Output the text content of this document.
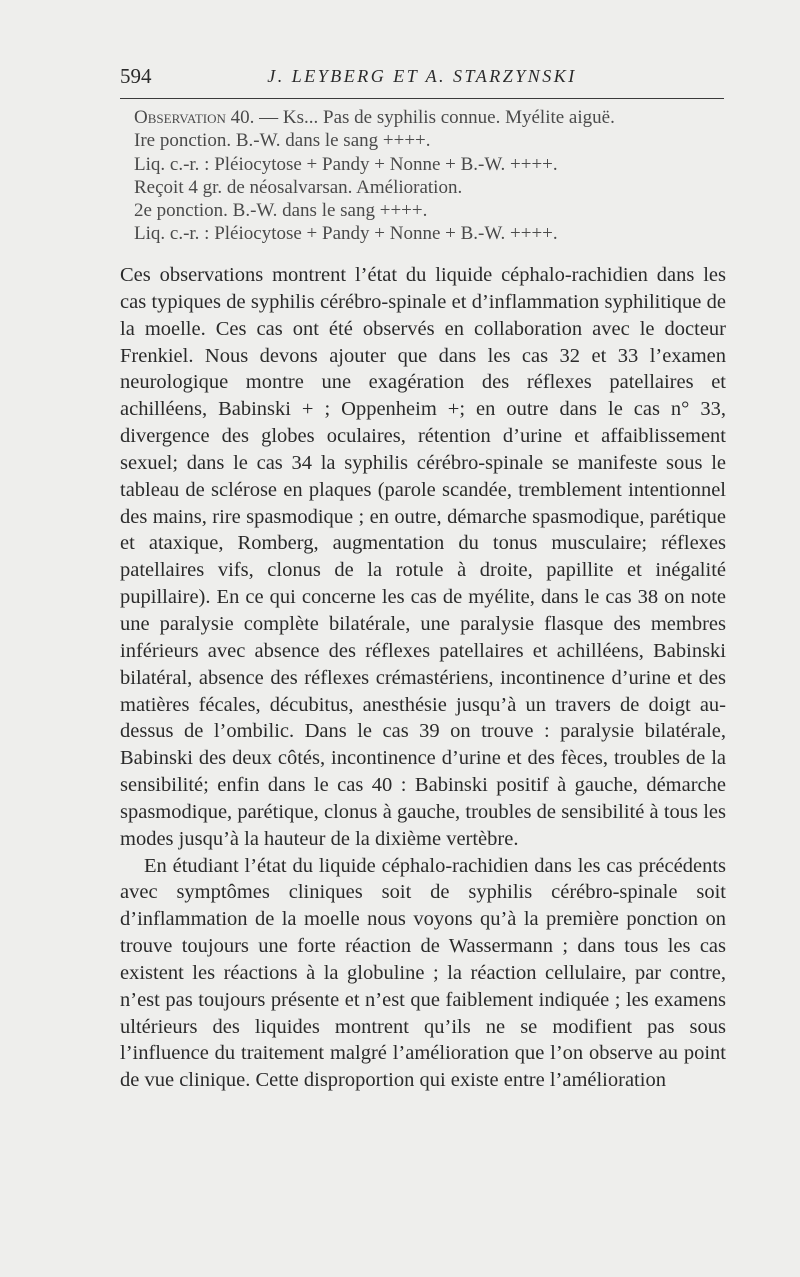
594	J. LEYBERG ET A. STARZYNSKI
Observation 40. — Ks... Pas de syphilis connue. Myélite aiguë.
Ire ponction. B.-W. dans le sang ++++.
Liq. c.-r. : Pléiocytose + Pandy + Nonne + B.-W. ++++.
Reçoit 4 gr. de néosalvarsan. Amélioration.
2e ponction. B.-W. dans le sang ++++.
Liq. c.-r. : Pléiocytose + Pandy + Nonne + B.-W. ++++.

Ces observations montrent l’état du liquide céphalo-rachidien dans les cas typiques de syphilis cérébro-spinale et d’inflammation syphilitique de la moelle. Ces cas ont été observés en collaboration avec le docteur Frenkiel. Nous devons ajouter que dans les cas 32 et 33 l’examen neurologique montre une exagération des réflexes patellaires et achilléens, Babinski + ; Oppenheim +; en outre dans le cas n° 33, divergence des globes oculaires, rétention d’urine et affaiblissement sexuel; dans le cas 34 la syphilis cérébro-spinale se manifeste sous le tableau de sclérose en plaques (parole scandée, tremblement intentionnel des mains, rire spasmodique ; en outre, démarche spasmodique, parétique et ataxique, Romberg, augmentation du tonus musculaire; réflexes patellaires vifs, clonus de la rotule à droite, papillite et inégalité pupillaire). En ce qui concerne les cas de myélite, dans le cas 38 on note une paralysie complète bilatérale, une paralysie flasque des membres inférieurs avec absence des réflexes patellaires et achilléens, Babinski bilatéral, absence des réflexes crémastériens, incontinence d’urine et des matières fécales, décubitus, anesthésie jusqu’à un travers de doigt au-dessus de l’ombilic. Dans le cas 39 on trouve : paralysie bilatérale, Babinski des deux côtés, incontinence d’urine et des fèces, troubles de la sensibilité; enfin dans le cas 40 : Babinski positif à gauche, démarche spasmodique, parétique, clonus à gauche, troubles de sensibilité à tous les modes jusqu’à la hauteur de la dixième vertèbre.

En étudiant l’état du liquide céphalo-rachidien dans les cas précédents avec symptômes cliniques soit de syphilis cérébro-spinale soit d’inflammation de la moelle nous voyons qu’à la première ponction on trouve toujours une forte réaction de Wassermann ; dans tous les cas existent les réactions à la globuline ; la réaction cellulaire, par contre, n’est pas toujours présente et n’est que faiblement indiquée ; les examens ultérieurs des liquides montrent qu’ils ne se modifient pas sous l’influence du traitement malgré l’amélioration que l’on observe au point de vue clinique. Cette disproportion qui existe entre l’amélioration
